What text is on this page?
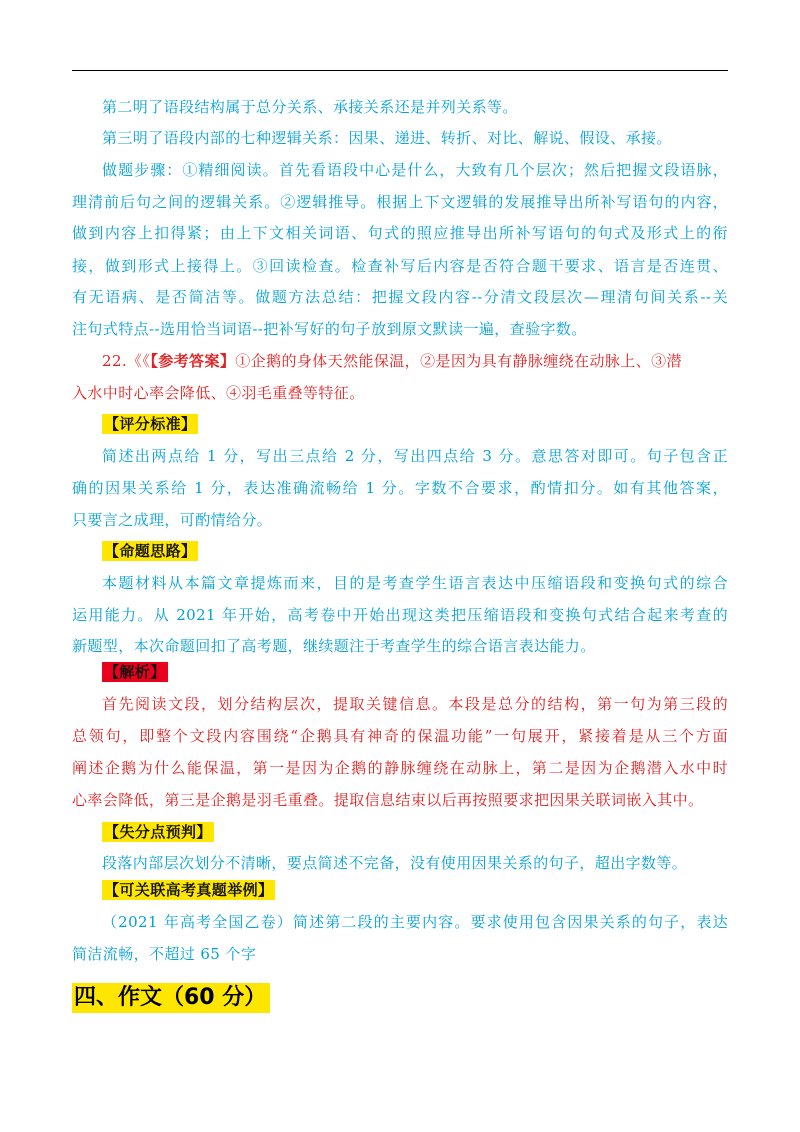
第二明了语段结构属于总分关系、承接关系还是并列关系等。
第三明了语段内部的七种逻辑关系：因果、递进、转折、对比、解说、假设、承接。
做题步骤：①精细阅读。首先看语段中心是什么，大致有几个层次；然后把握文段语脉，
理清前后句之间的逻辑关系。②逻辑推导。根据上下文逻辑的发展推导出所补写语句的内容，
做到内容上扣得紧；由上下文相关词语、句式的照应推导出所补写语句的句式及形式上的衔
接，做到形式上接得上。③回读检查。检查补写后内容是否符合题干要求、语言是否连贯、
有无语病、是否简洁等。做题方法总结：把握文段内容--分清文段层次—理清句间关系--关
注句式特点--选用恰当词语--把补写好的句子放到原文默读一遍，查验字数。
22.《《【参考答案】①企鹅的身体天然能保温，②是因为具有静脉缠绕在动脉上、③潜
入水中时心率会降低、④羽毛重叠等特征。
【评分标准】
简述出两点给 1 分，写出三点给 2 分，写出四点给 3 分。意思答对即可。句子包含正
确的因果关系给 1 分，表达准确流畅给 1 分。字数不合要求，酌情扣分。如有其他答案，
只要言之成理，可酌情给分。
【命题思路】
本题材料从本篇文章提炼而来，目的是考查学生语言表达中压缩语段和变换句式的综合
运用能力。从 2021 年开始，高考卷中开始出现这类把压缩语段和变换句式结合起来考查的
新题型，本次命题回扣了高考题，继续题注于考查学生的综合语言表达能力。
【解析】
首先阅读文段，划分结构层次，提取关键信息。本段是总分的结构，第一句为第三段的
总领句，即整个文段内容围绕“企鹅具有神奇的保温功能”一句展开，紧接着是从三个方面
阐述企鹅为什么能保温，第一是因为企鹅的静脉缠绕在动脉上，第二是因为企鹅潜入水中时
心率会降低，第三是企鹅是羽毛重叠。提取信息结束以后再按照要求把因果关联词嵌入其中。
【失分点预判】
段落内部层次划分不清晰，要点简述不完备，没有使用因果关系的句子，超出字数等。
【可关联高考真题举例】
（2021 年高考全国乙卷）简述第二段的主要内容。要求使用包含因果关系的句子，表达
简洁流畅，不超过 65 个字
四、作文（60 分）
